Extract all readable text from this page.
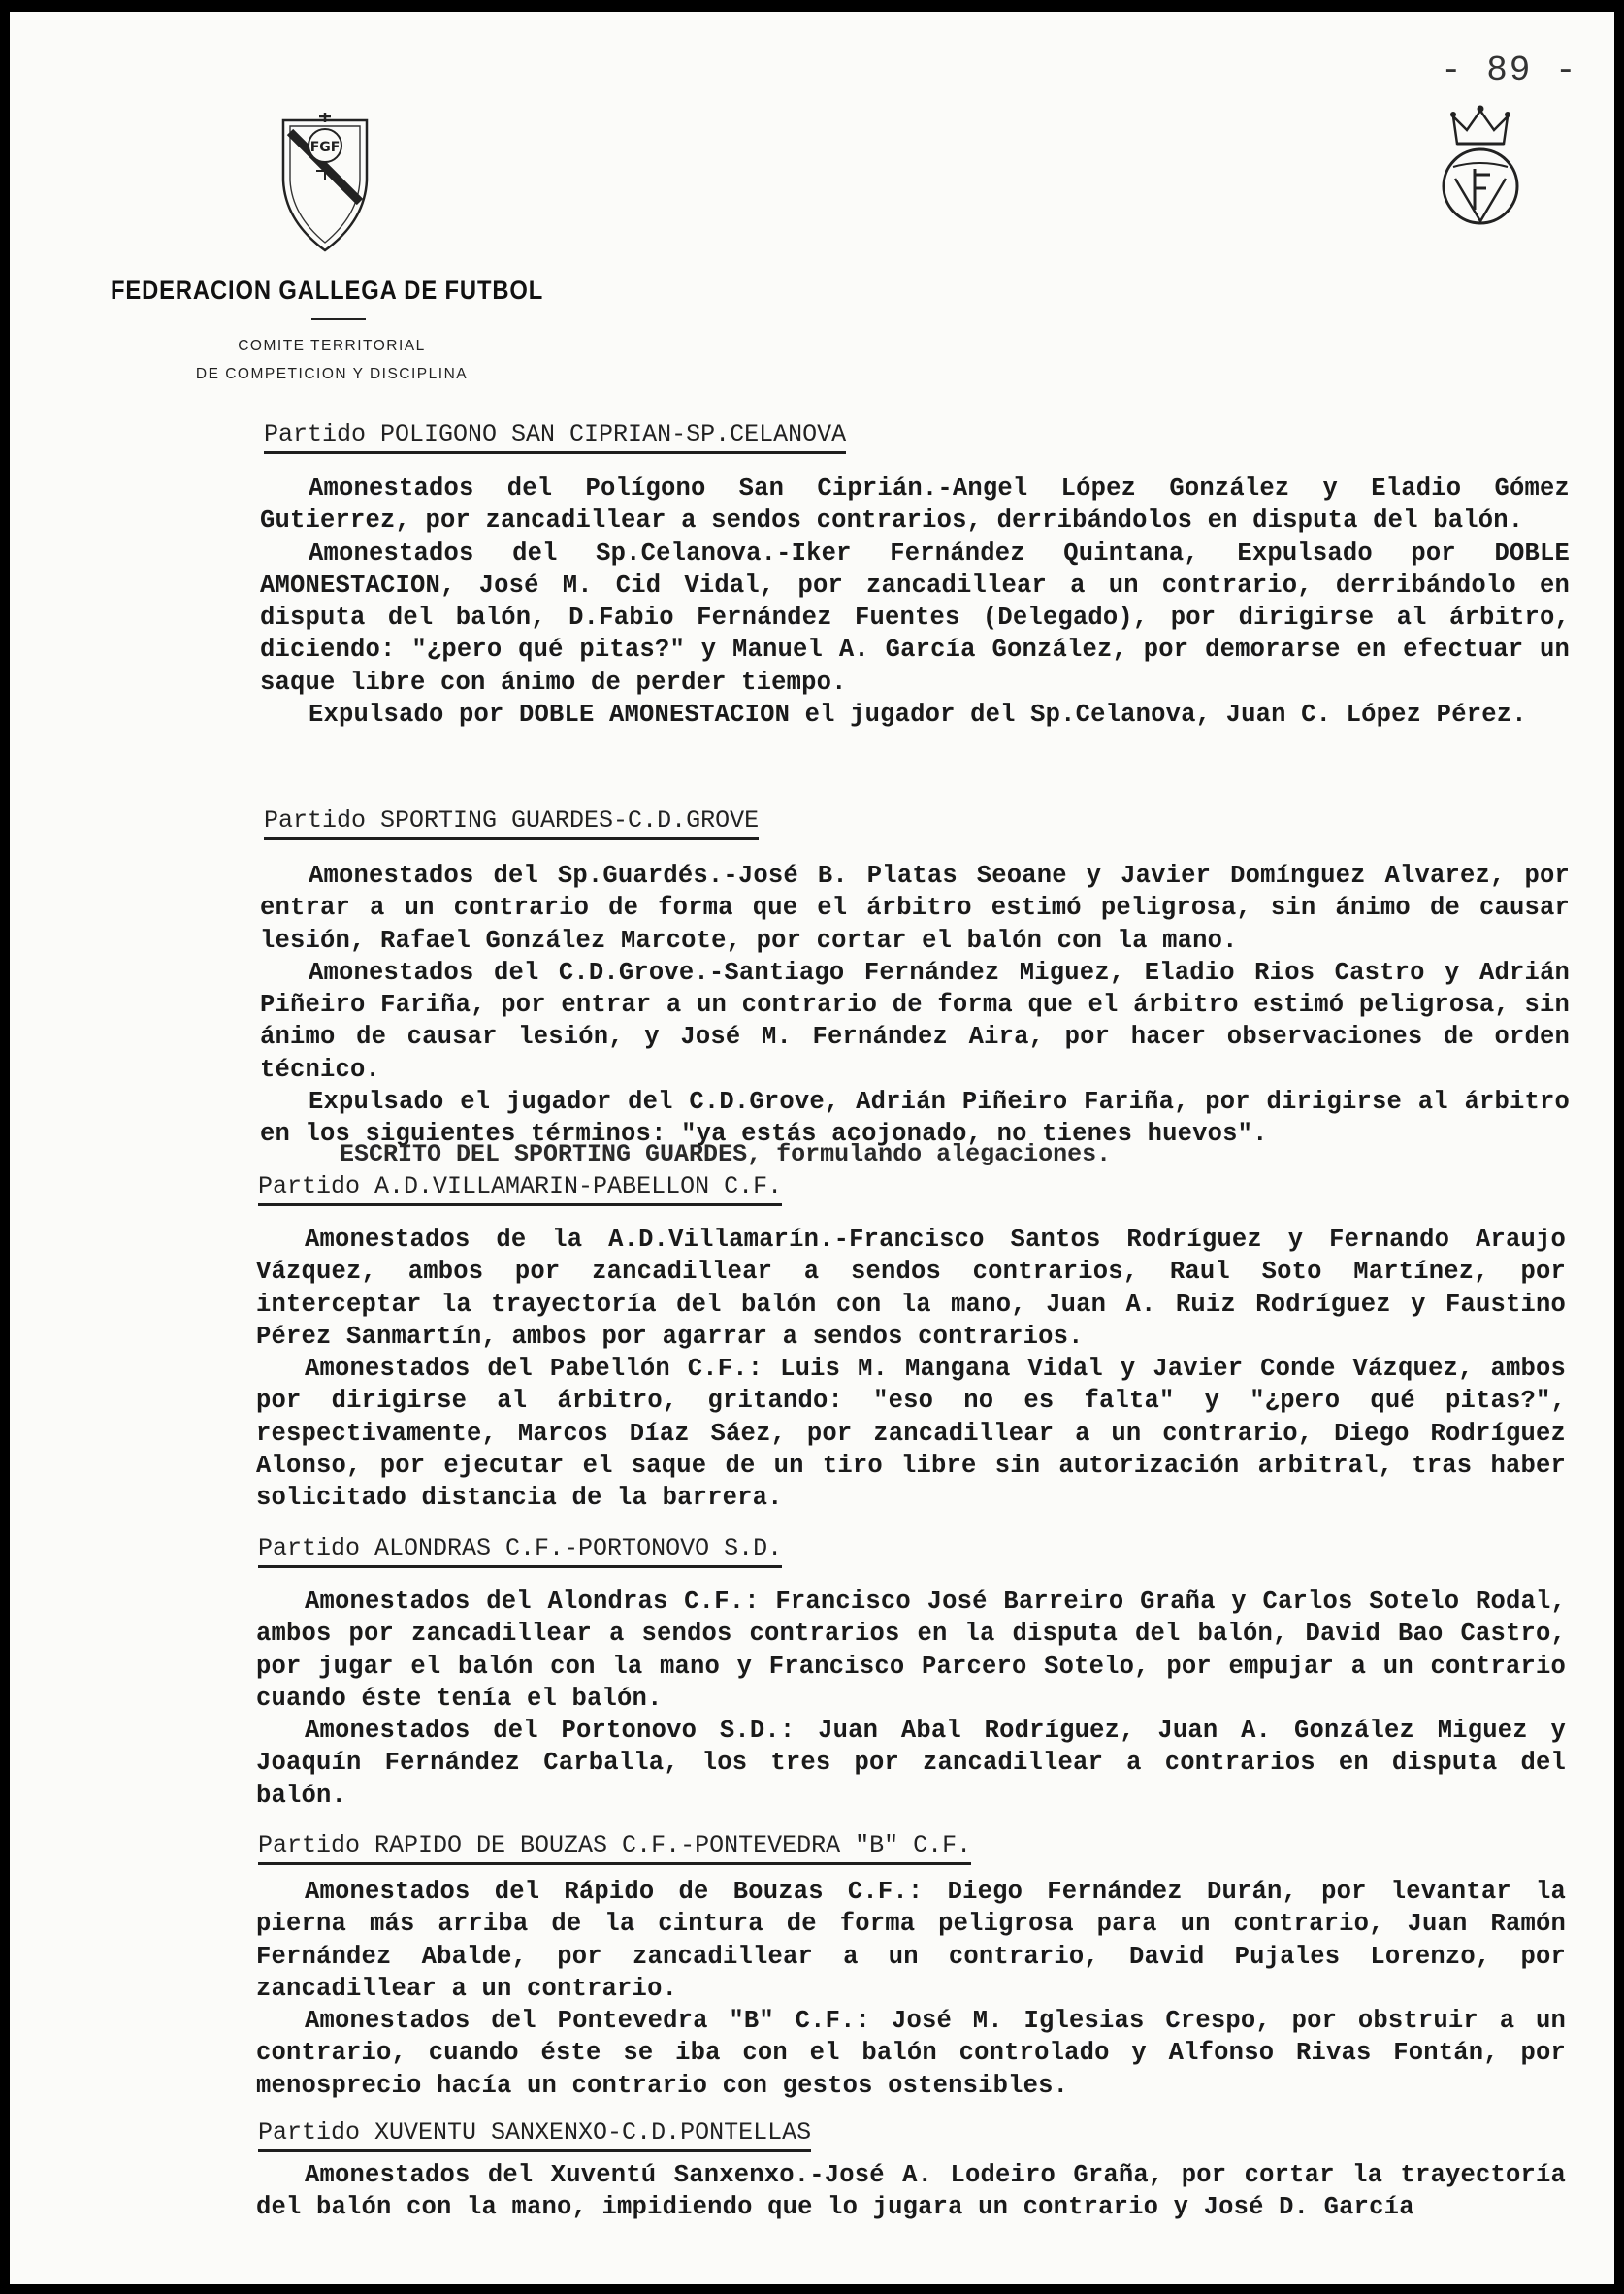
- 89 -
FGF
FEDERACION GALLEGA DE FUTBOL
COMITE TERRITORIAL
DE COMPETICION Y DISCIPLINA
Partido POLIGONO SAN CIPRIAN-SP.CELANOVA

Amonestados del Polígono San Ciprián.-Angel López González y Eladio Gómez Gutierrez, por zancadillear a sendos contrarios, derribándolos en disputa del balón.

Amonestados del Sp.Celanova.-Iker Fernández Quintana, Expulsado por DOBLE AMONESTACION, José M. Cid Vidal, por zancadillear a un contrario, derribándolo en disputa del balón, D.Fabio Fernández Fuentes (Delegado), por dirigirse al árbitro, diciendo: "¿pero qué pitas?" y Manuel A. García González, por demorarse en efectuar un saque libre con ánimo de perder tiempo.

Expulsado por DOBLE AMONESTACION el jugador del Sp.Celanova, Juan C. López Pérez.

Partido SPORTING GUARDES-C.D.GROVE

Amonestados del Sp.Guardés.-José B. Platas Seoane y Javier Domínguez Alvarez, por entrar a un contrario de forma que el árbitro estimó peligrosa, sin ánimo de causar lesión, Rafael González Marcote, por cortar el balón con la mano.

Amonestados del C.D.Grove.-Santiago Fernández Miguez, Eladio Rios Castro y Adrián Piñeiro Fariña, por entrar a un contrario de forma que el árbitro estimó peligrosa, sin ánimo de causar lesión, y José M. Fernández Aira, por hacer observaciones de orden técnico.

Expulsado el jugador del C.D.Grove, Adrián Piñeiro Fariña, por dirigirse al árbitro en los siguientes términos: "ya estás acojonado, no tienes huevos".

ESCRITO DEL SPORTING GUARDES, formulando alegaciones.
Partido A.D.VILLAMARIN-PABELLON C.F.

Amonestados de la A.D.Villamarín.-Francisco Santos Rodríguez y Fernando Araujo Vázquez, ambos por zancadillear a sendos contrarios, Raul Soto Martínez, por interceptar la trayectoría del balón con la mano, Juan A. Ruiz Rodríguez y Faustino Pérez Sanmartín, ambos por agarrar a sendos contrarios.

Amonestados del Pabellón C.F.: Luis M. Mangana Vidal y Javier Conde Vázquez, ambos por dirigirse al árbitro, gritando: "eso no es falta" y "¿pero qué pitas?", respectivamente, Marcos Díaz Sáez, por zancadillear a un contrario, Diego Rodríguez Alonso, por ejecutar el saque de un tiro libre sin autorización arbitral, tras haber solicitado distancia de la barrera.

Partido ALONDRAS C.F.-PORTONOVO S.D.

Amonestados del Alondras C.F.: Francisco José Barreiro Graña y Carlos Sotelo Rodal, ambos por zancadillear a sendos contrarios en la disputa del balón, David Bao Castro, por jugar el balón con la mano y Francisco Parcero Sotelo, por empujar a un contrario cuando éste tenía el balón.

Amonestados del Portonovo S.D.: Juan Abal Rodríguez, Juan A. González Miguez y Joaquín Fernández Carballa, los tres por zancadillear a contrarios en disputa del balón.

Partido RAPIDO DE BOUZAS C.F.-PONTEVEDRA "B" C.F.

Amonestados del Rápido de Bouzas C.F.: Diego Fernández Durán, por levantar la pierna más arriba de la cintura de forma peligrosa para un contrario, Juan Ramón Fernández Abalde, por zancadillear a un contrario, David Pujales Lorenzo, por zancadillear a un contrario.

Amonestados del Pontevedra "B" C.F.: José M. Iglesias Crespo, por obstruir a un contrario, cuando éste se iba con el balón controlado y Alfonso Rivas Fontán, por menosprecio hacía un contrario con gestos ostensibles.

Partido XUVENTU SANXENXO-C.D.PONTELLAS

Amonestados del Xuventú Sanxenxo.-José A. Lodeiro Graña, por cortar la trayectoría del balón con la mano, impidiendo que lo jugara un contrario y José D. García
